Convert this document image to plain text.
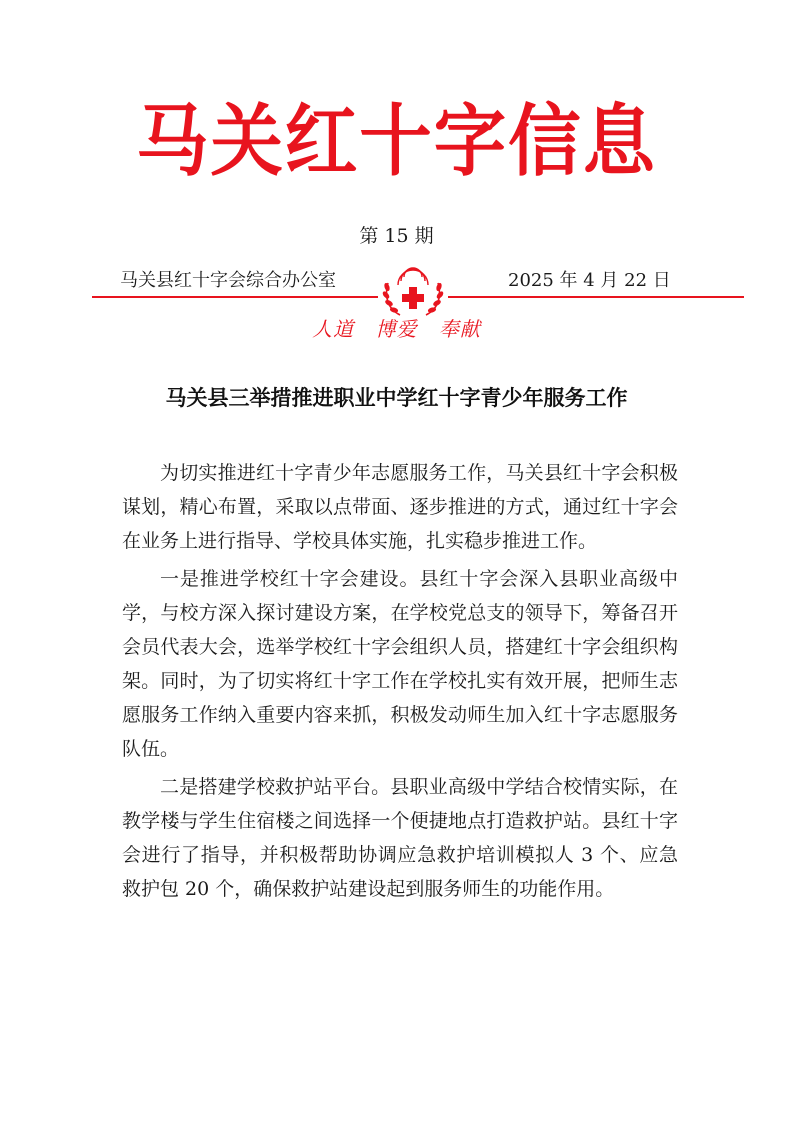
马关红十字信息
第 15 期
马关县红十字会综合办公室	2025 年 4 月 22 日
人道 博爱 奉献
马关县三举措推进职业中学红十字青少年服务工作

为切实推进红十字青少年志愿服务工作，马关县红十字会积极谋划，精心布置，采取以点带面、逐步推进的方式，通过红十字会在业务上进行指导、学校具体实施，扎实稳步推进工作。

一是推进学校红十字会建设。县红十字会深入县职业高级中学，与校方深入探讨建设方案，在学校党总支的领导下，筹备召开会员代表大会，选举学校红十字会组织人员，搭建红十字会组织构架。同时，为了切实将红十字工作在学校扎实有效开展，把师生志愿服务工作纳入重要内容来抓，积极发动师生加入红十字志愿服务队伍。

二是搭建学校救护站平台。县职业高级中学结合校情实际，在教学楼与学生住宿楼之间选择一个便捷地点打造救护站。县红十字会进行了指导，并积极帮助协调应急救护培训模拟人 3 个、应急救护包 20 个，确保救护站建设起到服务师生的功能作用。
